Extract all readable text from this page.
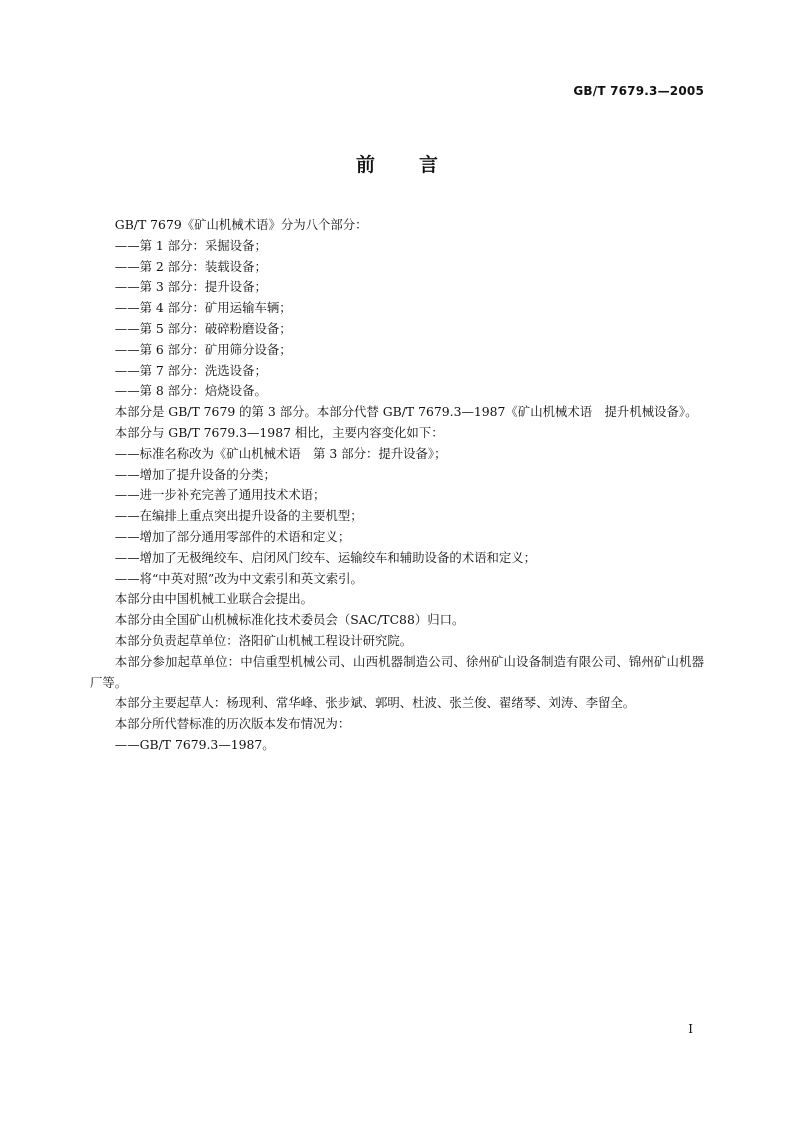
GB/T 7679.3—2005
前言

GB/T 7679《矿山机械术语》分为八个部分：

——第 1 部分：采掘设备；

——第 2 部分：装载设备；

——第 3 部分：提升设备；

——第 4 部分：矿用运输车辆；

——第 5 部分：破碎粉磨设备；

——第 6 部分：矿用筛分设备；

——第 7 部分：洗选设备；

——第 8 部分：焙烧设备。

本部分是 GB/T 7679 的第 3 部分。本部分代替 GB/T 7679.3—1987《矿山机械术语　提升机械设备》。

本部分与 GB/T 7679.3—1987 相比，主要内容变化如下：

——标准名称改为《矿山机械术语　第 3 部分：提升设备》；

——增加了提升设备的分类；

——进一步补充完善了通用技术术语；

——在编排上重点突出提升设备的主要机型；

——增加了部分通用零部件的术语和定义；

——增加了无极绳绞车、启闭风门绞车、运输绞车和辅助设备的术语和定义；

——将“中英对照”改为中文索引和英文索引。

本部分由中国机械工业联合会提出。

本部分由全国矿山机械标准化技术委员会（SAC/TC88）归口。

本部分负责起草单位：洛阳矿山机械工程设计研究院。

本部分参加起草单位：中信重型机械公司、山西机器制造公司、徐州矿山设备制造有限公司、锦州矿山机器厂等。

本部分主要起草人：杨现利、常华峰、张步斌、郭明、杜波、张兰俊、翟绪琴、刘涛、李留全。

本部分所代替标准的历次版本发布情况为：

——GB/T 7679.3—1987。

I
